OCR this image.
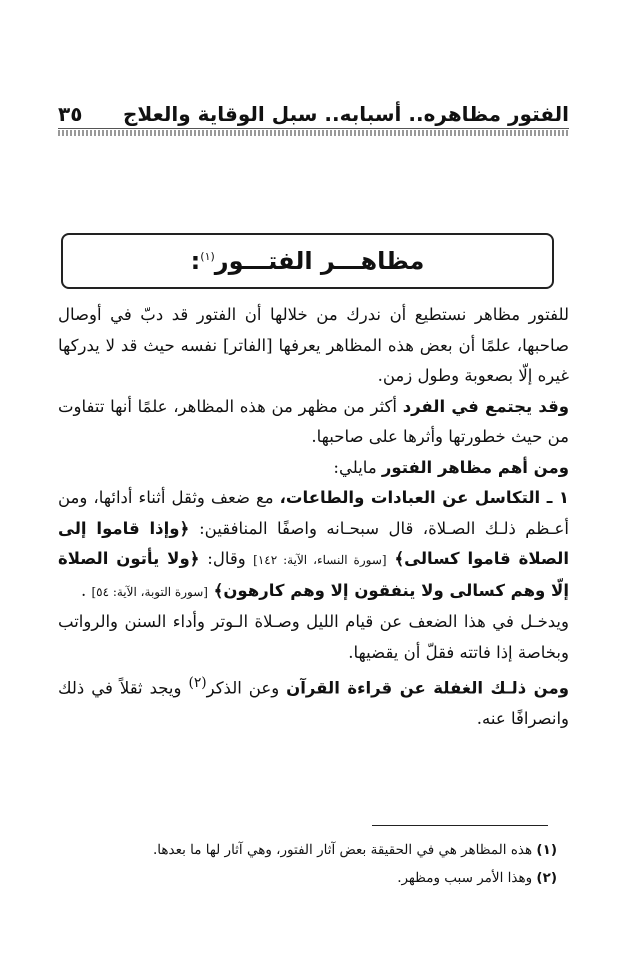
٣٥ الفتور مظاهره.. أسبابه.. سبل الوقاية والعلاج
مظاهـــر الفتـــور$^{(١)}$:

للفتور مظاهر نستطيع أن ندرك من خلالها أن الفتور قد دبّ في أوصال صاحبها، علمًا أن بعض هذه المظاهر يعرفها [الفاتر] نفسه حيث قد لا يدركها غيره إلّا بصعوبة وطول زمن.

وقد يجتمع في الفرد أكثر من مظهر من هذه المظاهر، علمًا أنها تتفاوت من حيث خطورتها وأثرها على صاحبها.

ومن أهم مظاهر الفتور مايلي:

١ ـ التكاسل عن العبادات والطاعات، مع ضعف وثقل أثناء أدائها، ومن أعـظم ذلـك الصـلاة، قال سبحـانه واصفًا المنافقين: ﴿وإذا قاموا إلى الصلاة قاموا كسالى﴾ [سورة النساء، الآية: ١٤٢] وقال: ﴿ولا يأتون الصلاة إلّا وهم كسالى ولا ينفقون إلا وهم كارهون﴾ [سورة التوبة، الآية: ٥٤] .

ويدخـل في هذا الضعف عن قيام الليل وصـلاة الـوتر وأداء السنن والرواتب وبخاصة إذا فاتته فقلّ أن يقضيها.

ومن ذلـك الغفلة عن قراءة القرآن وعن الذكر$^{(٢)}$ ويجد ثقلاً في ذلك وانصرافًا عنه.

(١) هذه المظاهر هي في الحقيقة بعض آثار الفتور، وهي آثار لها ما بعدها.

(٢) وهذا الأمر سبب ومظهر.
